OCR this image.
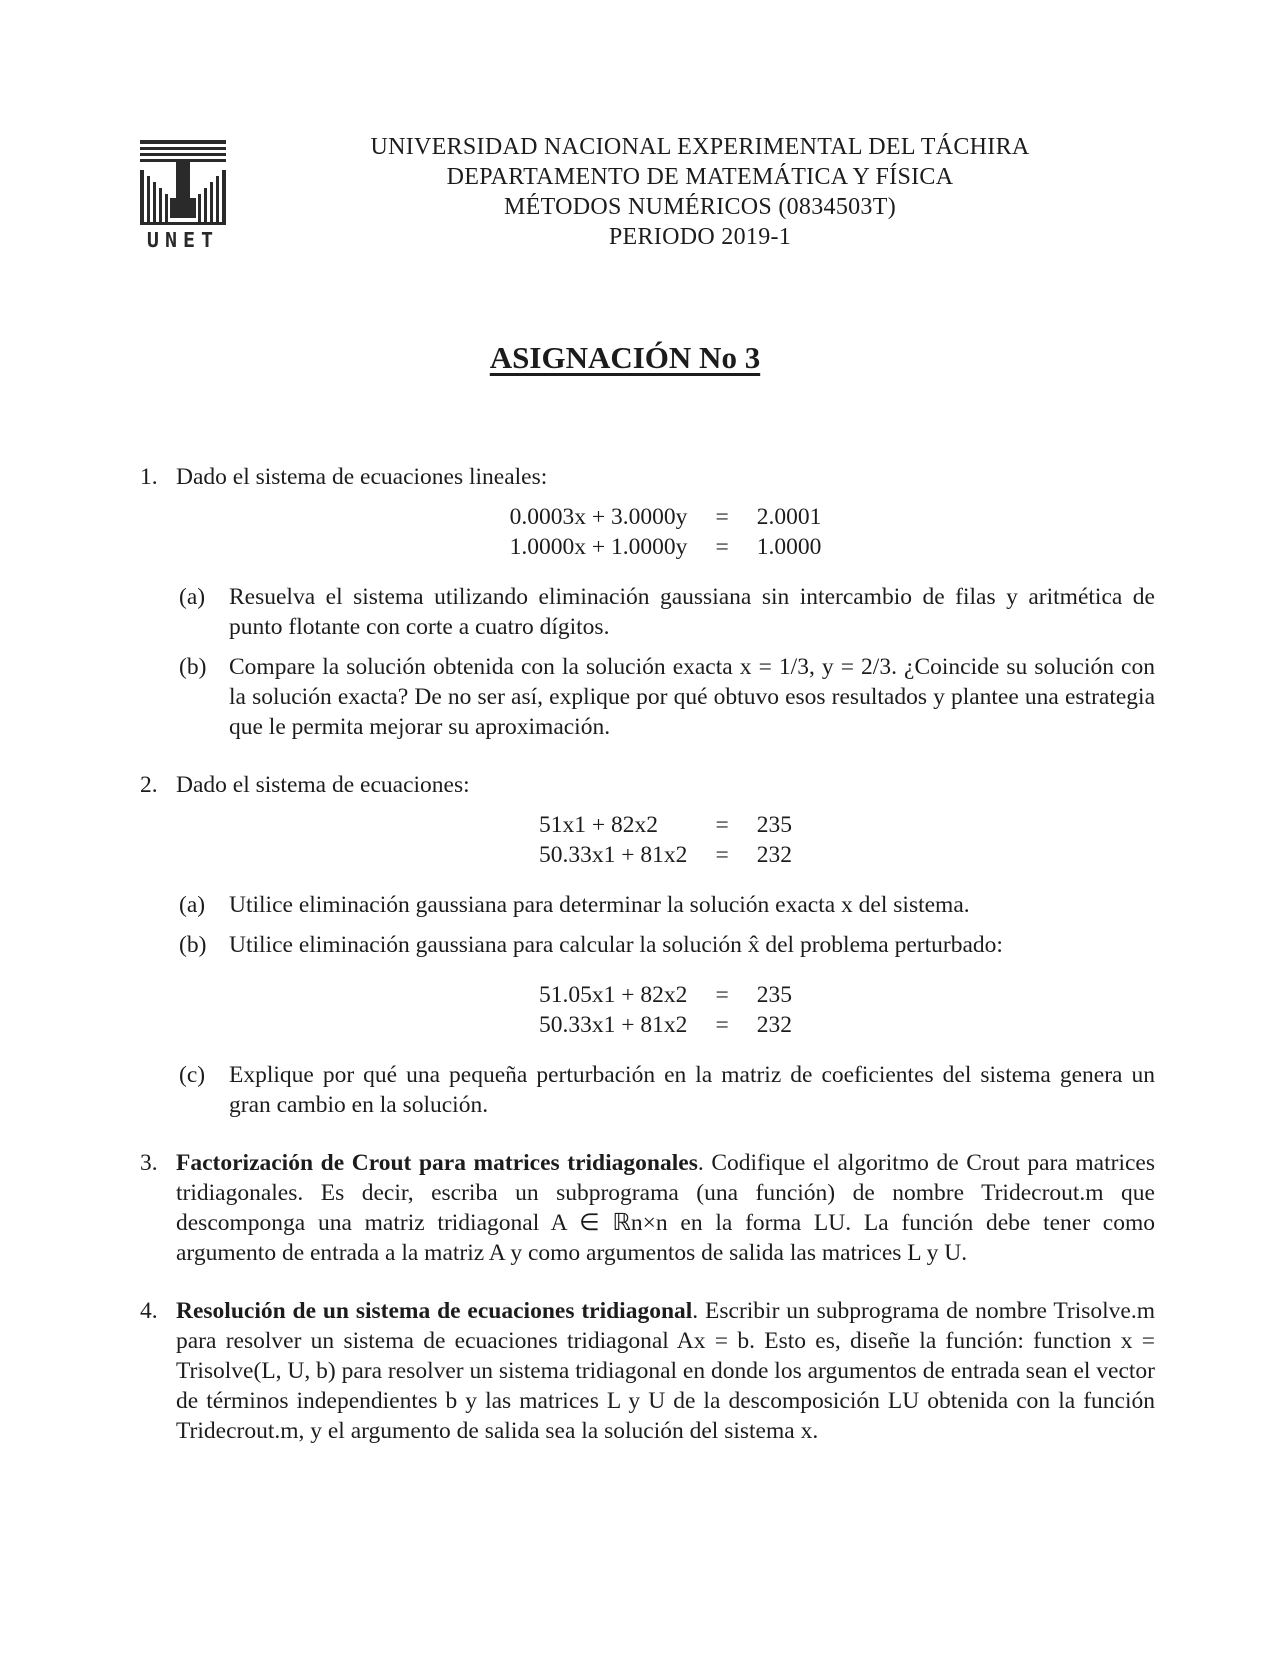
UNET
UNIVERSIDAD NACIONAL EXPERIMENTAL DEL TÁCHIRA
DEPARTAMENTO DE MATEMÁTICA Y FÍSICA
MÉTODOS NUMÉRICOS (0834503T)
PERIODO 2019-1
ASIGNACIÓN No 3
1. Dado el sistema de ecuaciones lineales:
0.0003x + 3.0000y	=	2.0001
1.0000x + 1.0000y	=	1.0000
(a) Resuelva el sistema utilizando eliminación gaussiana sin intercambio de filas y aritmética de punto flotante con corte a cuatro dígitos.
(b) Compare la solución obtenida con la solución exacta x = 1/3, y = 2/3. ¿Coincide su solución con la solución exacta? De no ser así, explique por qué obtuvo esos resultados y plantee una estrategia que le permita mejorar su aproximación.
2. Dado el sistema de ecuaciones:
51x1 + 82x2	=	235
50.33x1 + 81x2	=	232
(a) Utilice eliminación gaussiana para determinar la solución exacta x del sistema.
(b) Utilice eliminación gaussiana para calcular la solución x̂ del problema perturbado:
51.05x1 + 82x2	=	235
50.33x1 + 81x2	=	232
(c) Explique por qué una pequeña perturbación en la matriz de coeficientes del sistema genera un gran cambio en la solución.
3. Factorización de Crout para matrices tridiagonales. Codifique el algoritmo de Crout para matrices tridiagonales. Es decir, escriba un subprograma (una función) de nombre Tridecrout.m que descomponga una matriz tridiagonal A ∈ ℝn×n en la forma LU. La función debe tener como argumento de entrada a la matriz A y como argumentos de salida las matrices L y U.
4. Resolución de un sistema de ecuaciones tridiagonal. Escribir un subprograma de nombre Trisolve.m para resolver un sistema de ecuaciones tridiagonal Ax = b. Esto es, diseñe la función: function x = Trisolve(L, U, b) para resolver un sistema tridiagonal en donde los argumentos de entrada sean el vector de términos independientes b y las matrices L y U de la descomposición LU obtenida con la función Tridecrout.m, y el argumento de salida sea la solución del sistema x.
